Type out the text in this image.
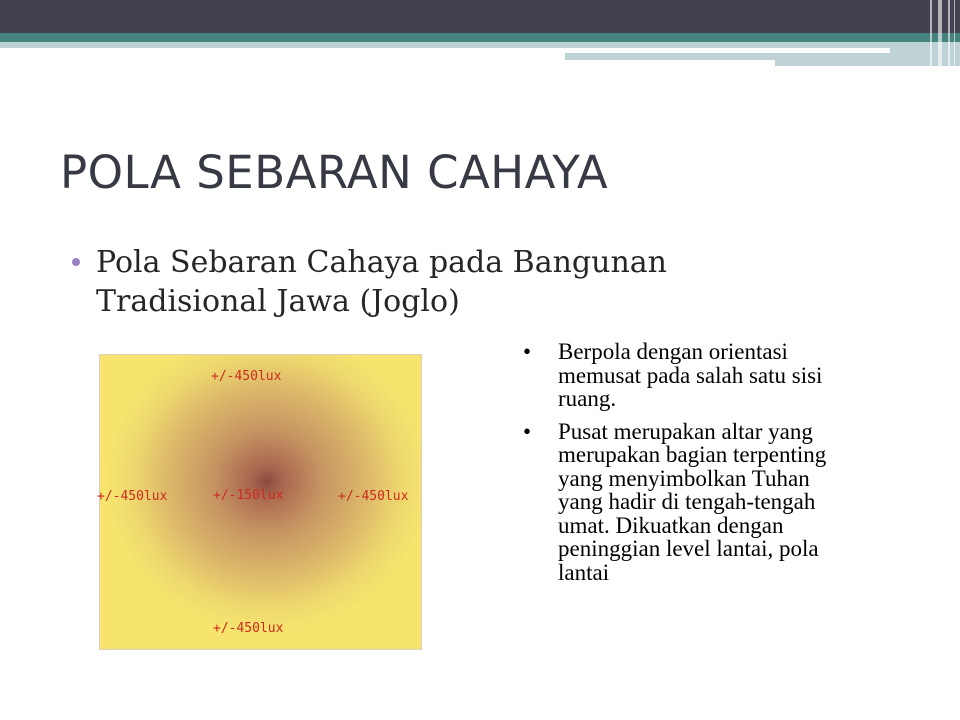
POLA SEBARAN CAHAYA
Pola Sebaran Cahaya pada Bangunan Tradisional Jawa (Joglo)
+/-450lux
+/-450lux	+/-150lux	+/-450lux
+/-450lux
• Berpola dengan orientasi memusat pada salah satu sisi ruang.
• Pusat merupakan altar yang merupakan bagian terpenting yang menyimbolkan Tuhan yang hadir di tengah-tengah umat. Dikuatkan dengan peninggian level lantai, pola lantai
